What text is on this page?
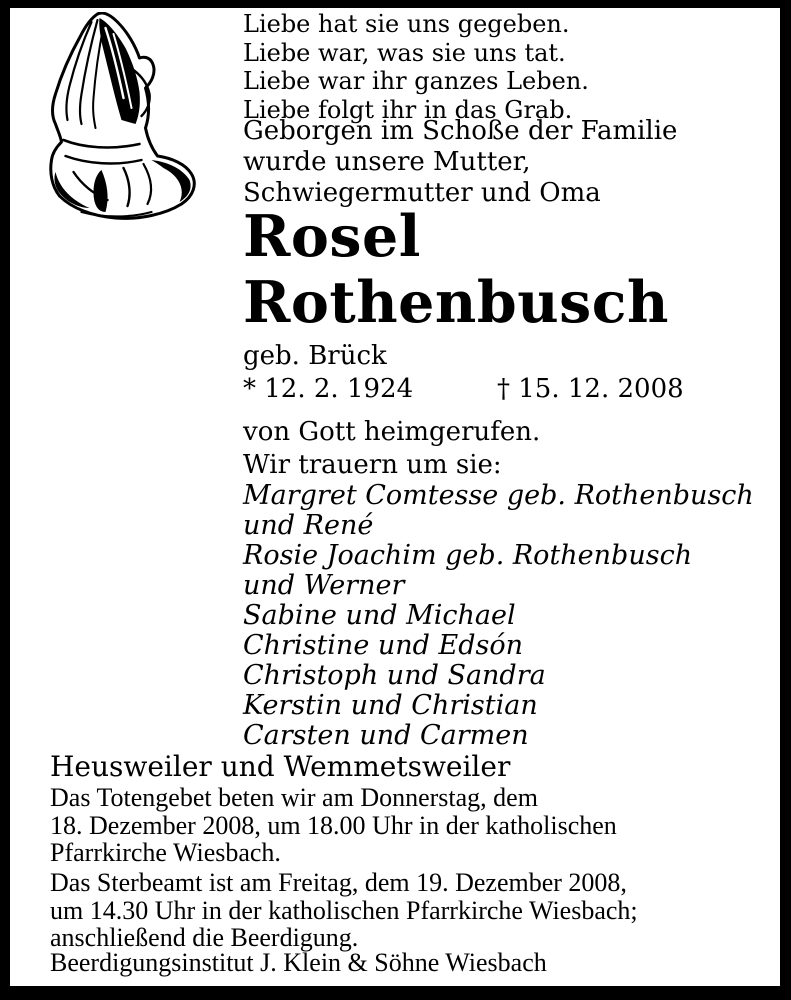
Liebe hat sie uns gegeben.
Liebe war, was sie uns tat.
Liebe war ihr ganzes Leben.
Liebe folgt ihr in das Grab.
Geborgen im Schoße der Familie
wurde unsere Mutter,
Schwiegermutter und Oma
Rosel
Rothenbusch
geb. Brück
* 12. 2. 1924	† 15. 12. 2008
von Gott heimgerufen.
Wir trauern um sie:
Margret Comtesse geb. Rothenbusch
und René
Rosie Joachim geb. Rothenbusch
und Werner
Sabine und Michael
Christine und Edsón
Christoph und Sandra
Kerstin und Christian
Carsten und Carmen
Heusweiler und Wemmetsweiler
Das Totengebet beten wir am Donnerstag, dem
18. Dezember 2008, um 18.00 Uhr in der katholischen
Pfarrkirche Wiesbach.
Das Sterbeamt ist am Freitag, dem 19. Dezember 2008,
um 14.30 Uhr in der katholischen Pfarrkirche Wiesbach;
anschließend die Beerdigung.
Beerdigungsinstitut J. Klein & Söhne Wiesbach
